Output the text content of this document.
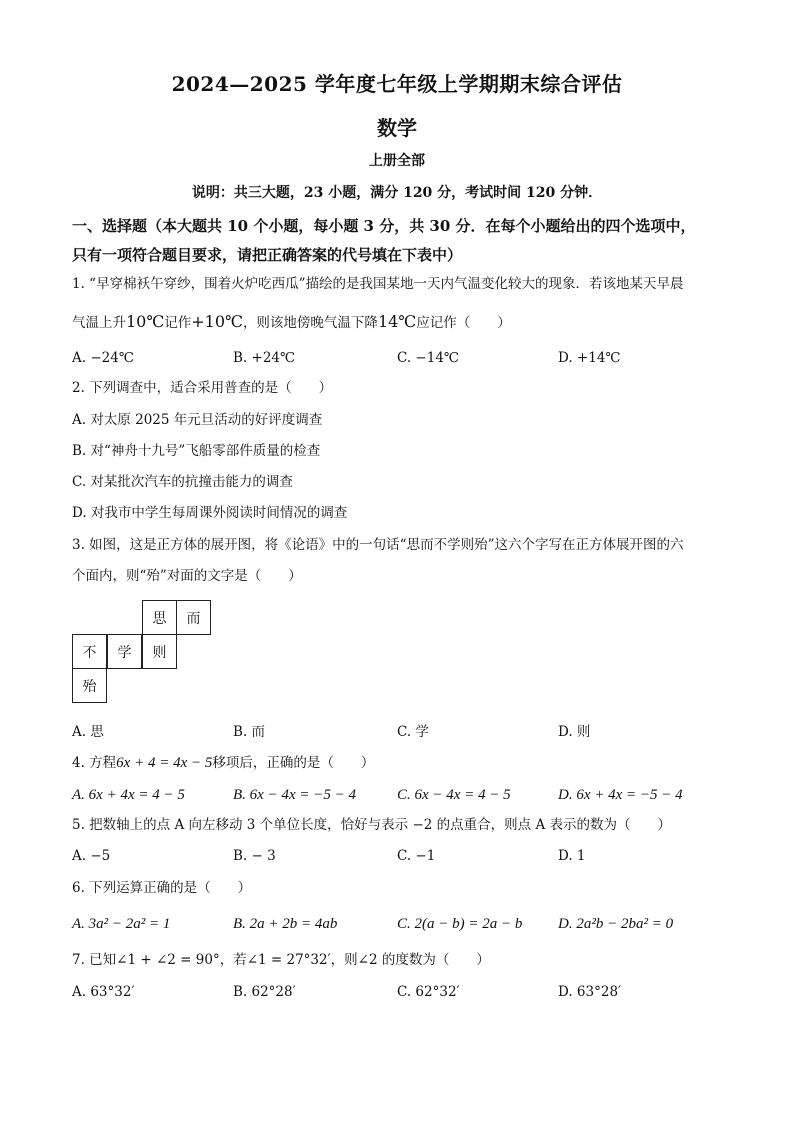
2024—2025 学年度七年级上学期期末综合评估
数学
上册全部
说明：共三大题，23 小题，满分 120 分，考试时间 120 分钟．
一、选择题（本大题共 10 个小题，每小题 3 分，共 30 分．在每个小题给出的四个选项中，
只有一项符合题目要求，请把正确答案的代号填在下表中）
1. “早穿棉袄午穿纱，围着火炉吃西瓜”描绘的是我国某地一天内气温变化较大的现象．若该地某天早晨
气温上升10℃记作+10℃，则该地傍晚气温下降14℃应记作（　　）
A. −24℃	B. +24℃	C. −14℃	D. +14℃
2. 下列调查中，适合采用普查的是（　　）
A. 对太原 2025 年元旦活动的好评度调查
B. 对“神舟十九号”飞船零部件质量的检查
C. 对某批次汽车的抗撞击能力的调查
D. 对我市中学生每周课外阅读时间情况的调查
3. 如图，这是正方体的展开图，将《论语》中的一句话“思而不学则殆”这六个字写在正方体展开图的六
个面内，则“殆”对面的文字是（　　）
思	而
不	学	则
殆
A. 思	B. 而	C. 学	D. 则
4. 方程6x + 4 = 4x − 5移项后，正确的是（　　）
A. 6x + 4x = 4 − 5	B. 6x − 4x = −5 − 4	C. 6x − 4x = 4 − 5	D. 6x + 4x = −5 − 4
5. 把数轴上的点 A 向左移动 3 个单位长度，恰好与表示 −2 的点重合，则点 A 表示的数为（　　）
A. −5	B. − 3	C. −1	D. 1
6. 下列运算正确的是（　　）
A. 3a² − 2a² = 1	B. 2a + 2b = 4ab	C. 2(a − b) = 2a − b D. 2a²b − 2ba² = 0
7. 已知∠1 + ∠2 = 90°，若∠1 = 27°32′，则∠2 的度数为（　　）
A. 63°32′	B. 62°28′	C. 62°32′	D. 63°28′
